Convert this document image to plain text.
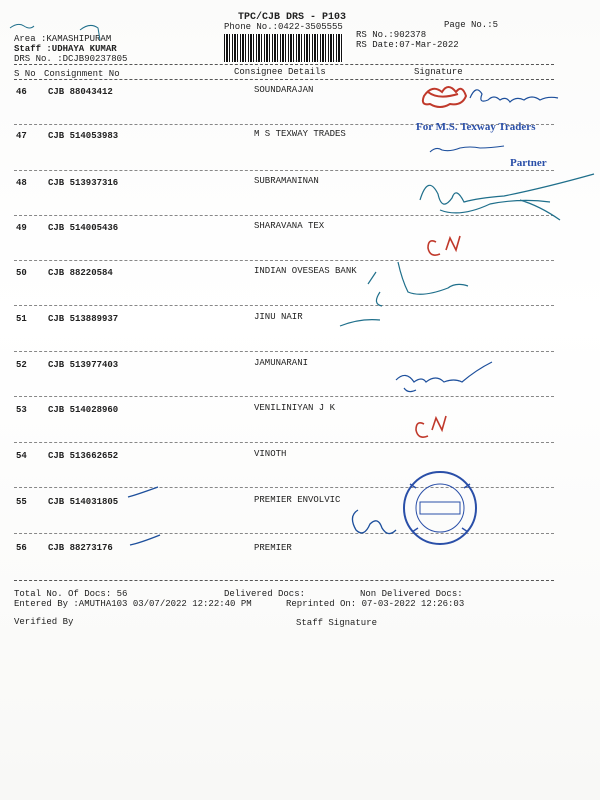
TPC/CJB DRS - P103
Phone No.:0422-3505555	Page No.:5
Area :KAMASHIPURAM
Staff :UDHAYA KUMAR
DRS No. :DCJB90237805
RS No.:902378
RS Date:07-Mar-2022
S No Consignment No	Consignee Details	Signature
46 CJB 88043412	SOUNDARAJAN
47 CJB 514053983	M S TEXWAY TRADES
48 CJB 513937316	SUBRAMANINAN
49 CJB 514005436	SHARAVANA TEX
50 CJB 88220584	INDIAN OVESEAS BANK
51 CJB 513889937	JINU NAIR
52 CJB 513977403	JAMUNARANI
53 CJB 514028960	VENILINIYAN J K
54 CJB 513662652	VINOTH
55 CJB 514031805	PREMIER ENVOLVIC
56 CJB 88273176	PREMIER
For M.S. Texway Traders
Partner
Total No. Of Docs: 56	Delivered Docs:	Non Delivered Docs:
Entered By :AMUTHA103 03/07/2022 12:22:40 PM	Reprinted On: 07-03-2022 12:26:03
Verified By	Staff Signature
